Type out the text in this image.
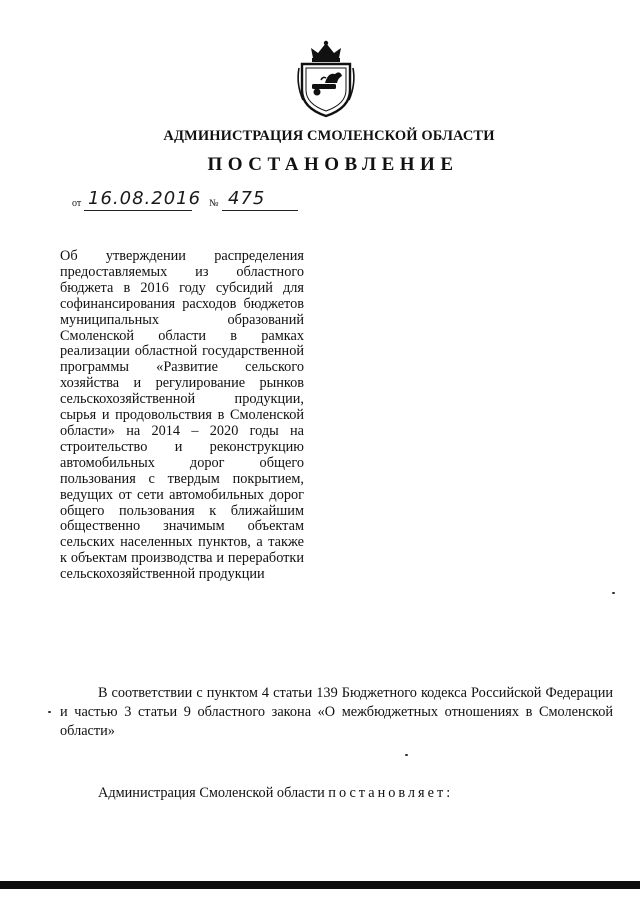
АДМИНИСТРАЦИЯ СМОЛЕНСКОЙ ОБЛАСТИ
ПОСТАНОВЛЕНИЕ
от 16.08.2016 № 475
Об утверждении распределения предоставляемых из областного бюджета в 2016 году субсидий для софинансирования расходов бюджетов муниципальных образований Смоленской области в рамках реализации областной государственной программы «Развитие сельского хозяйства и регулирование рынков сельскохозяйственной продукции, сырья и продовольствия в Смоленской области» на 2014 – 2020 годы на строительство и реконструкцию автомобильных дорог общего пользования с твердым покрытием, ведущих от сети автомобильных дорог общего пользования к ближайшим общественно значимым объектам сельских населенных пунктов, а также к объектам производства и переработки сельскохозяйственной продукции
В соответствии с пунктом 4 статьи 139 Бюджетного кодекса Российской Федерации и частью 3 статьи 9 областного закона «О межбюджетных отношениях в Смоленской области»
Администрация Смоленской области постановляет:
